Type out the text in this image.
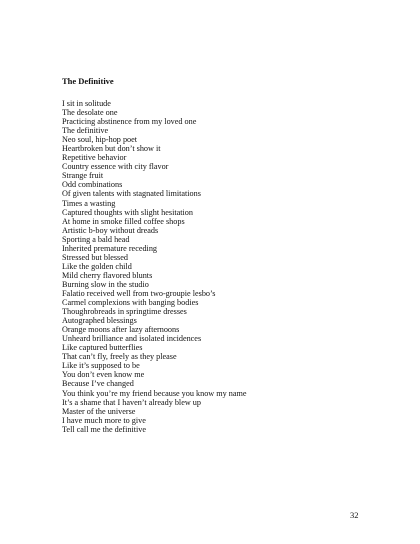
The Definitive
I sit in solitude
The desolate one
Practicing abstinence from my loved one
The definitive
Neo soul, hip-hop poet
Heartbroken but don’t show it
Repetitive behavior
Country essence with city flavor
Strange fruit
Odd combinations
Of given talents with stagnated limitations
Times a wasting
Captured thoughts with slight hesitation
At home in smoke filled coffee shops
Artistic b-boy without dreads
Sporting a bald head
Inherited premature receding
Stressed but blessed
Like the golden child
Mild cherry flavored blunts
Burning slow in the studio
Falatio received well from two-groupie lesbo’s
Carmel complexions with banging bodies
Thoughrobreads in springtime dresses
Autographed blessings
Orange moons after lazy afternoons
Unheard brilliance and isolated incidences
Like captured butterflies
That can’t fly, freely as they please
Like it’s supposed to be
You don’t even know me
Because I’ve changed
You think you’re my friend because you know my name
It’s a shame that I haven’t already blew up
Master of the universe
I have much more to give
Tell call me the definitive
32
